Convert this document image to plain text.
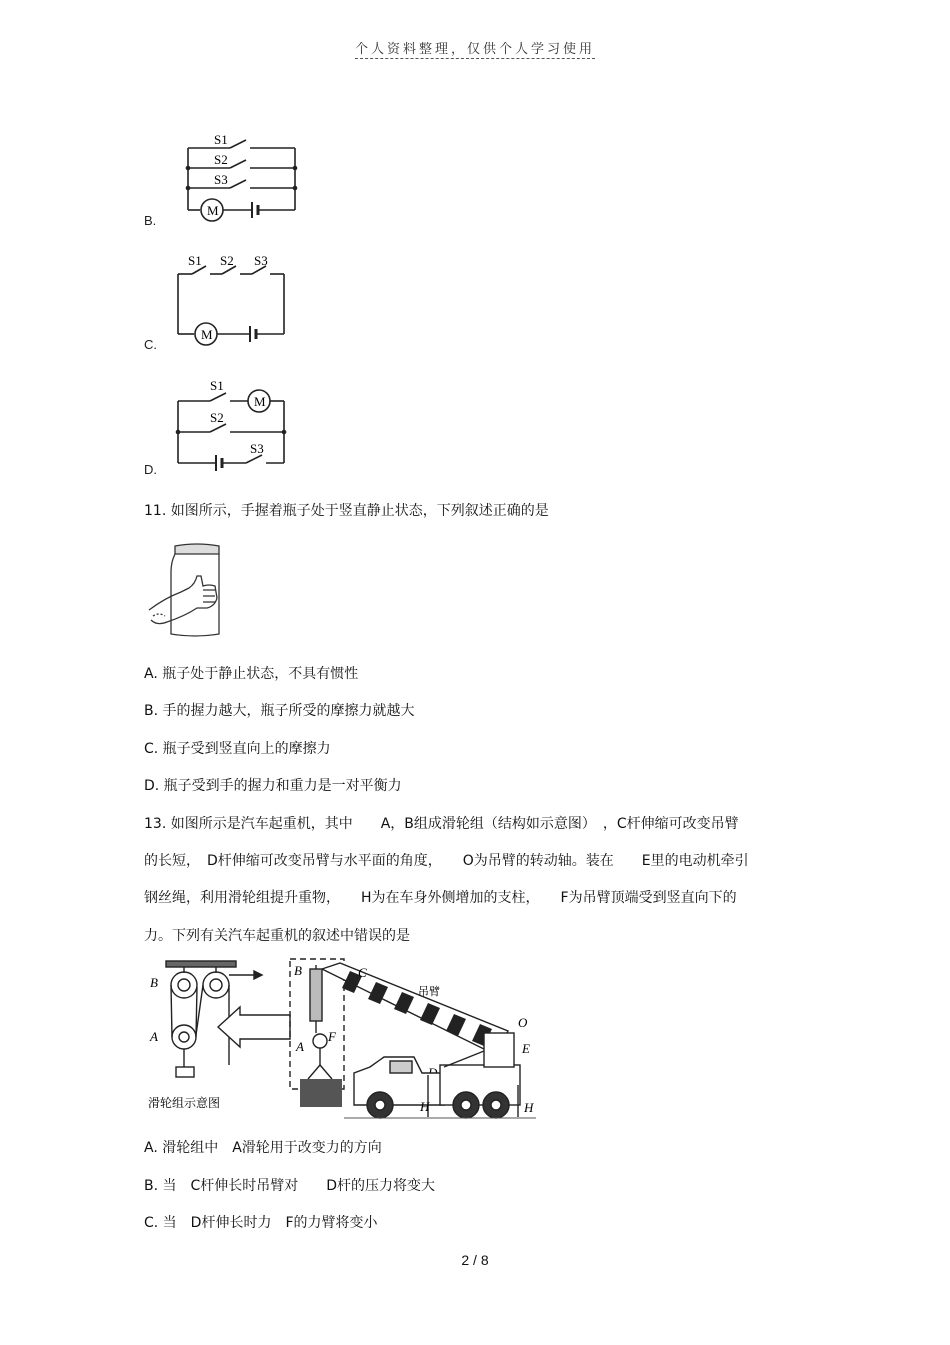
个人资料整理，仅供个人学习使用
S1
S2
S3
M
B.
S1 S2 S3
M
C.
S1
S2
S3
M
D.
11. 如图所示，手握着瓶子处于竖直静止状态，下列叙述正确的是
A. 瓶子处于静止状态，不具有惯性
B. 手的握力越大，瓶子所受的摩擦力就越大
C. 瓶子受到竖直向上的摩擦力
D. 瓶子受到手的握力和重力是一对平衡力
13. 如图所示是汽车起重机，其中　　A，B组成滑轮组（结构如示意图）　，C杆伸缩可改变吊臂
的长短，　D杆伸缩可改变吊臂与水平面的角度，　　O为吊臂的转动轴。装在　　E里的电动机牵引
钢丝绳，利用滑轮组提升重物，　　H为在车身外侧增加的支柱，　　F为吊臂顶端受到竖直向下的
力。下列有关汽车起重机的叙述中错误的是
B
A
滑轮组示意图
B
A
F
C
吊臂
O
E
H	H
A. 滑轮组中　A滑轮用于改变力的方向
B. 当　C杆伸长时吊臂对　　D杆的压力将变大
C. 当　D杆伸长时力　F的力臂将变小
2 / 8
